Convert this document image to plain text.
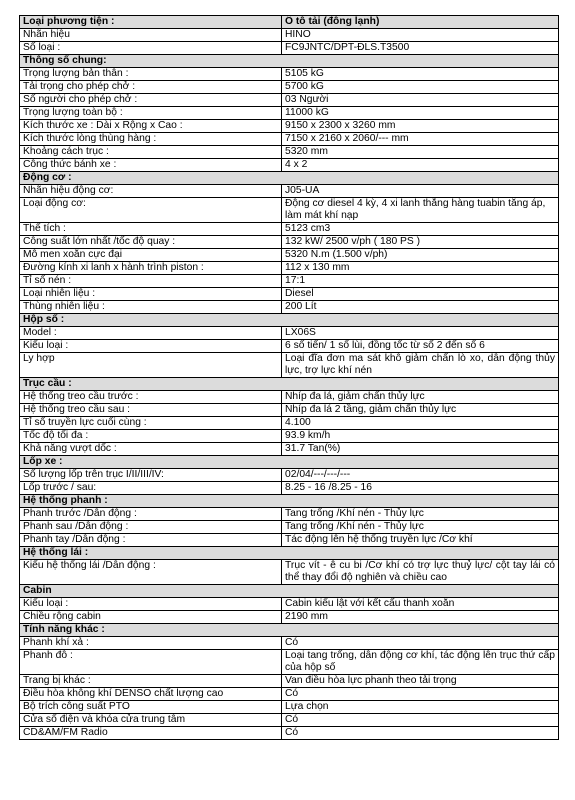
Loại phương tiện :	Ô tô tải (đông lạnh)
Nhãn hiệu	HINO
Số loại :	FC9JNTC/DPT-ĐLS.T3500
Thông số chung:	
Trọng lượng bản thân :	5105 kG
Tải trọng cho phép chở :	5700 kG
Số người cho phép chở :	03 Người
Trọng lượng toàn bộ :	11000 kG
Kích thước xe : Dài x Rộng x Cao :	9150 x 2300 x 3260 mm
Kích thước lòng thùng hàng :	7150 x 2160 x 2060/--- mm
Khoảng cách trục :	5320 mm
Công thức bánh xe :	4 x 2
Động cơ :	
Nhãn hiệu động cơ:	J05-UA
Loại động cơ:	Động cơ diesel 4 kỳ, 4 xi lanh thẳng hàng tuabin tăng áp, làm mát khí nạp
Thể tích :	5123 cm3
Công suất lớn nhất /tốc độ quay :	132 kW/ 2500 v/ph ( 180 PS )
Mô men xoắn cực đại	5320 N.m (1.500 v/ph)
Đường kính xi lanh x hành trình piston :	112 x 130 mm
Tỉ số nén :	17:1
Loại nhiên liệu :	Diesel
Thùng nhiên liệu :	200 Lít
Hộp số :	
Model :	LX06S
Kiểu loại :	6 số tiến/ 1 số lùi, đồng tốc từ số 2 đến số 6
Ly hợp	Loại đĩa đơn ma sát khô giảm chấn lò xo, dẫn động thủy lực, trợ lực khí nén
Trục cầu :	
Hệ thống treo cầu trước :	Nhíp đa lá, giảm chấn thủy lực
Hệ thống treo cầu sau :	Nhíp đa lá 2 tầng, giảm chấn thủy lực
Tỉ số truyền lực cuối cùng :	4.100
Tốc độ tối đa :	93.9 km/h
Khả năng vượt dốc :	31.7 Tan(%)
Lốp xe :	
Số lượng lốp trên trục I/II/III/IV:	02/04/---/---/---
Lốp trước / sau:	8.25 - 16 /8.25 - 16
Hệ thống phanh :	
Phanh trước /Dẫn động :	Tang trống /Khí nén - Thủy lực
Phanh sau /Dẫn động :	Tang trống /Khí nén - Thủy lực
Phanh tay /Dẫn động :	Tác động lên hệ thống truyền lực /Cơ khí
Hệ thống lái :	
Kiểu hệ thống lái /Dẫn động :	Trục vít - ê cu bi /Cơ khí có trợ lực thuỷ lực/ cột tay lái có thể thay đổi độ nghiên và chiều cao
Cabin	
Kiểu loại :	Cabin kiểu lật với kết cấu thanh xoắn
Chiều rộng cabin	2190 mm
Tính năng khác :	
Phanh khí xả :	Có
Phanh đỗ :	Loại tang trống, dẫn động cơ khí, tác động lên trục thứ cấp của hộp số
Trang bị khác :	Van điều hòa lực phanh theo tải trọng
Điều hòa không khí DENSO chất lượng cao	Có
Bộ trích công suất PTO	Lựa chọn
Cửa sổ điện và khóa cửa trung tâm	Có
CD&AM/FM Radio	Có
